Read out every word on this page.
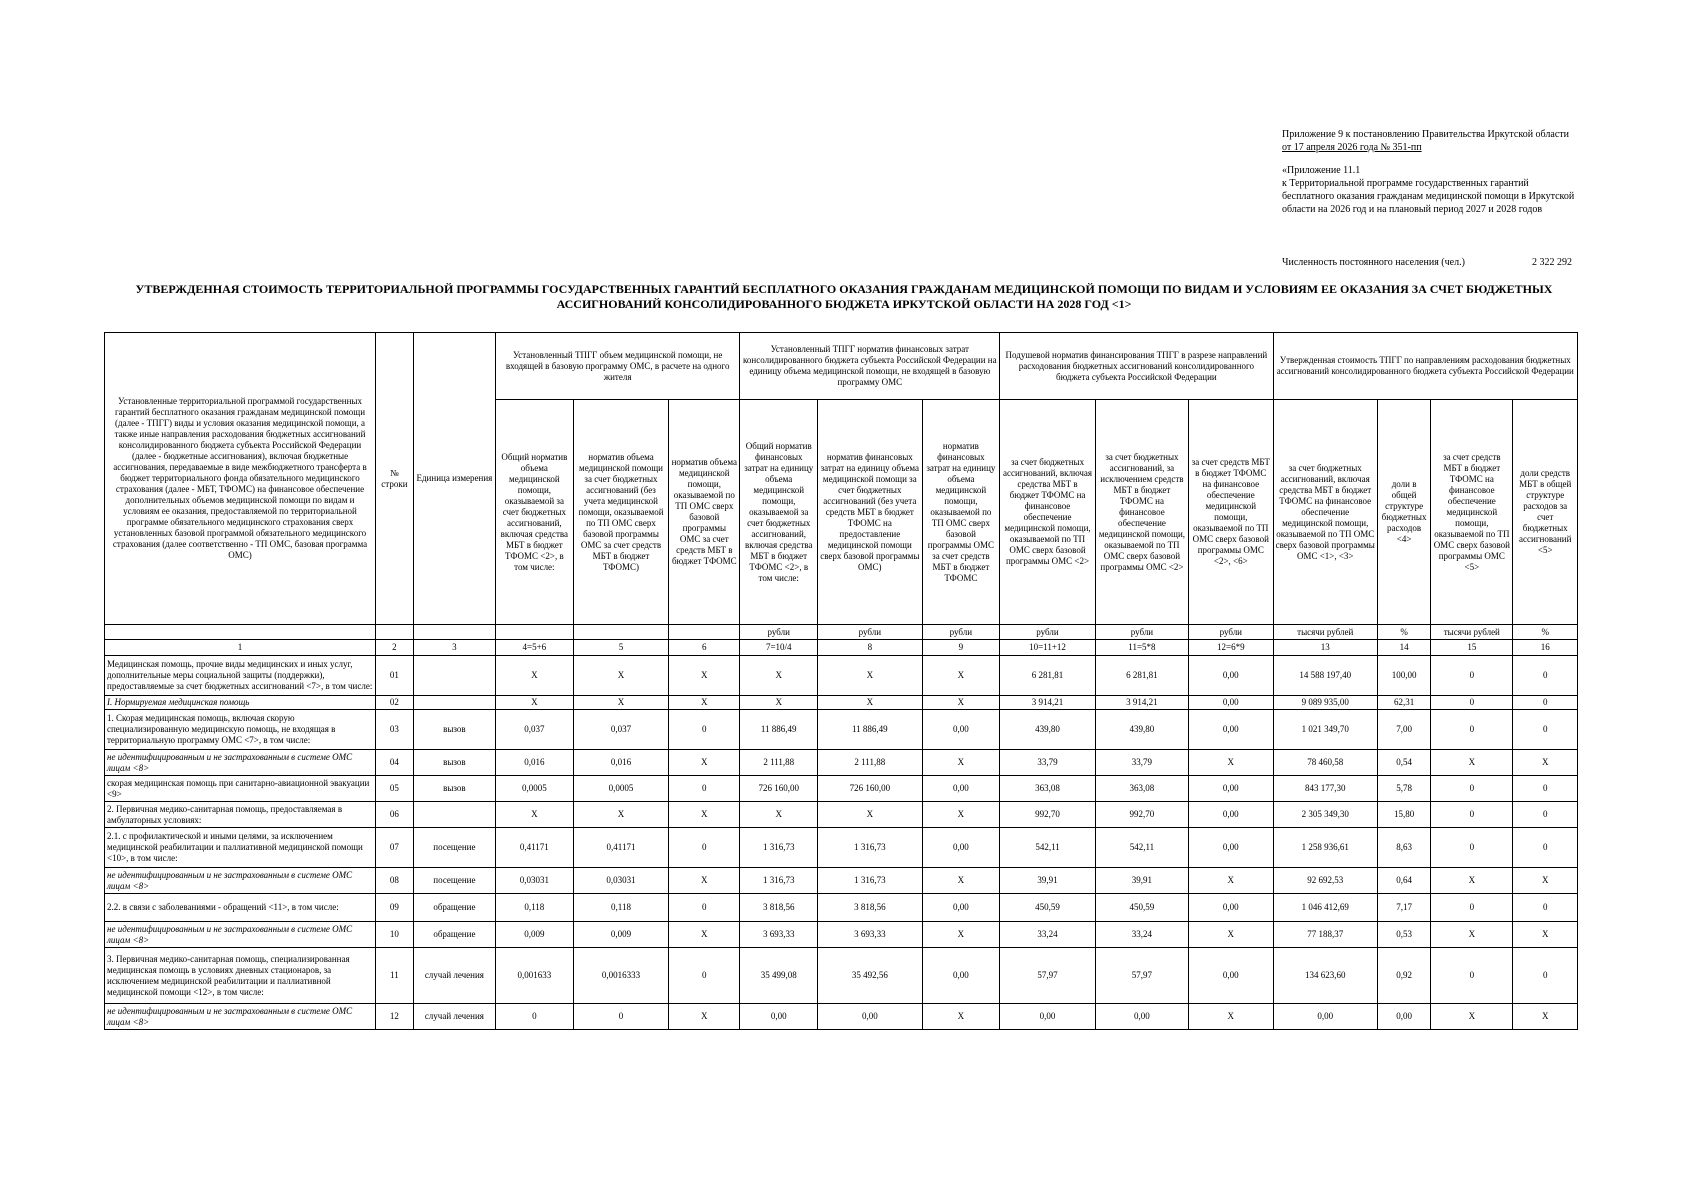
Приложение 9 к постановлению Правительства Иркутской области

от 17 апреля 2026 года № 351-пп

«Приложение 11.1

к Территориальной программе государственных гарантий бесплатного оказания гражданам медицинской помощи в Иркутской области на 2026 год и на плановый период 2027 и 2028 годов

Численность постоянного населения (чел.)	2 322 292
УТВЕРЖДЕННАЯ СТОИМОСТЬ ТЕРРИТОРИАЛЬНОЙ ПРОГРАММЫ ГОСУДАРСТВЕННЫХ ГАРАНТИЙ БЕСПЛАТНОГО ОКАЗАНИЯ ГРАЖДАНАМ МЕДИЦИНСКОЙ ПОМОЩИ ПО ВИДАМ И УСЛОВИЯМ ЕЕ ОКАЗАНИЯ ЗА СЧЕТ БЮДЖЕТНЫХ АССИГНОВАНИЙ КОНСОЛИДИРОВАННОГО БЮДЖЕТА ИРКУТСКОЙ ОБЛАСТИ НА 2028 ГОД <1>
Установленные территориальной программой государственных гарантий бесплатного оказания гражданам медицинской помощи (далее - ТПГГ) виды и условия оказания медицинской помощи, а также иные направления расходования бюджетных ассигнований консолидированного бюджета субъекта Российской Федерации (далее - бюджетные ассигнования), включая бюджетные ассигнования, передаваемые в виде межбюджетного трансферта в бюджет территориального фонда обязательного медицинского страхования (далее - МБТ, ТФОМС) на финансовое обеспечение дополнительных объемов медицинской помощи по видам и условиям ее оказания, предоставляемой по территориальной программе обязательного медицинского страхования сверх установленных базовой программой обязательного медицинского страхования (далее соответственно - ТП ОМС, базовая программа ОМС)	№ строки	Единица измерения	Установленный ТПГГ объем медицинской помощи, не входящей в базовую программу ОМС, в расчете на одного жителя			Установленный ТПГГ норматив финансовых затрат консолидированного бюджета субъекта Российской Федерации на единицу объема медицинской помощи, не входящей в базовую программу ОМС			Подушевой норматив финансирования ТПГГ в разрезе направлений расходования бюджетных ассигнований консолидированного бюджета субъекта Российской Федерации			Утвержденная стоимость ТПГГ по направлениям расходования бюджетных ассигнований консолидированного бюджета субъекта Российской Федерации			
			Общий норматив объема медицинской помощи, оказываемой за счет бюджетных ассигнований, включая средства МБТ в бюджет ТФОМС <2>, в том числе:	норматив объема медицинской помощи за счет бюджетных ассигнований (без учета медицинской помощи, оказываемой по ТП ОМС сверх базовой программы ОМС за счет средств МБТ в бюджет ТФОМС)	норматив объема медицинской помощи, оказываемой по ТП ОМС сверх базовой программы ОМС за счет средств МБТ в бюджет ТФОМС	Общий норматив финансовых затрат на единицу объема медицинской помощи, оказываемой за счет бюджетных ассигнований, включая средства МБТ в бюджет ТФОМС <2>, в том числе:	норматив финансовых затрат на единицу объема медицинской помощи за счет бюджетных ассигнований (без учета средств МБТ в бюджет ТФОМС на предоставление медицинской помощи сверх базовой программы ОМС)	норматив финансовых затрат на единицу объема медицинской помощи, оказываемой по ТП ОМС сверх базовой программы ОМС за счет средств МБТ в бюджет ТФОМС	за счет бюджетных ассигнований, включая средства МБТ в бюджет ТФОМС на финансовое обеспечение медицинской помощи, оказываемой по ТП ОМС сверх базовой программы ОМС <2>	за счет бюджетных ассигнований, за исключением средств МБТ в бюджет ТФОМС на финансовое обеспечение медицинской помощи, оказываемой по ТП ОМС сверх базовой программы ОМС <2>	за счет средств МБТ в бюджет ТФОМС на финансовое обеспечение медицинской помощи, оказываемой по ТП ОМС сверх базовой программы ОМС <2>, <6>	за счет бюджетных ассигнований, включая средства МБТ в бюджет ТФОМС на финансовое обеспечение медицинской помощи, оказываемой по ТП ОМС сверх базовой программы ОМС <1>, <3>	доли в общей структуре бюджетных расходов <4>	за счет средств МБТ в бюджет ТФОМС на финансовое обеспечение медицинской помощи, оказываемой по ТП ОМС сверх базовой программы ОМС <5>	доли средств МБТ в общей структуре расходов за счет бюджетных ассигнований <5>
						рубли	рубли	рубли	рубли	рубли	рубли	тысячи рублей	%	тысячи рублей	%
1	2	3	4=5+6	5	6	7=10/4	8	9	10=11+12	11=5*8	12=6*9	13	14	15	16
Медицинская помощь, прочие виды медицинских и иных услуг, дополнительные меры социальной защиты (поддержки), предоставляемые за счет бюджетных ассигнований <7>, в том числе:	01		X	X	X	X	X	X	6 281,81	6 281,81	0,00	14 588 197,40	100,00	0	0
I. Нормируемая медицинская помощь	02		X	X	X	X	X	X	3 914,21	3 914,21	0,00	9 089 935,00	62,31	0	0
1. Скорая медицинская помощь, включая скорую специализированную медицинскую помощь, не входящая в территориальную программу ОМС <7>, в том числе:	03	вызов	0,037	0,037	0	11 886,49	11 886,49	0,00	439,80	439,80	0,00	1 021 349,70	7,00	0	0
не идентифицированным и не застрахованным в системе ОМС лицам <8>	04	вызов	0,016	0,016	X	2 111,88	2 111,88	X	33,79	33,79	X	78 460,58	0,54	X	X
скорая медицинская помощь при санитарно-авиационной эвакуации <9>	05	вызов	0,0005	0,0005	0	726 160,00	726 160,00	0,00	363,08	363,08	0,00	843 177,30	5,78	0	0
2. Первичная медико-санитарная помощь, предоставляемая в амбулаторных условиях:	06		X	X	X	X	X	X	992,70	992,70	0,00	2 305 349,30	15,80	0	0
2.1. с профилактической и иными целями, за исключением медицинской реабилитации и паллиативной медицинской помощи <10>, в том числе:	07	посещение	0,41171	0,41171	0	1 316,73	1 316,73	0,00	542,11	542,11	0,00	1 258 936,61	8,63	0	0
не идентифицированным и не застрахованным в системе ОМС лицам <8>	08	посещение	0,03031	0,03031	X	1 316,73	1 316,73	X	39,91	39,91	X	92 692,53	0,64	X	X
2.2. в связи с заболеваниями - обращений <11>, в том числе:	09	обращение	0,118	0,118	0	3 818,56	3 818,56	0,00	450,59	450,59	0,00	1 046 412,69	7,17	0	0
не идентифицированным и не застрахованным в системе ОМС лицам <8>	10	обращение	0,009	0,009	X	3 693,33	3 693,33	X	33,24	33,24	X	77 188,37	0,53	X	X
3. Первичная медико-санитарная помощь, специализированная медицинская помощь в условиях дневных стационаров, за исключением медицинской реабилитации и паллиативной медицинской помощи <12>, в том числе:	11	случай лечения	0,001633	0,0016333	0	35 499,08	35 492,56	0,00	57,97	57,97	0,00	134 623,60	0,92	0	0
не идентифицированным и не застрахованным в системе ОМС лицам <8>	12	случай лечения	0	0	X	0,00	0,00	X	0,00	0,00	X	0,00	0,00	X	X
